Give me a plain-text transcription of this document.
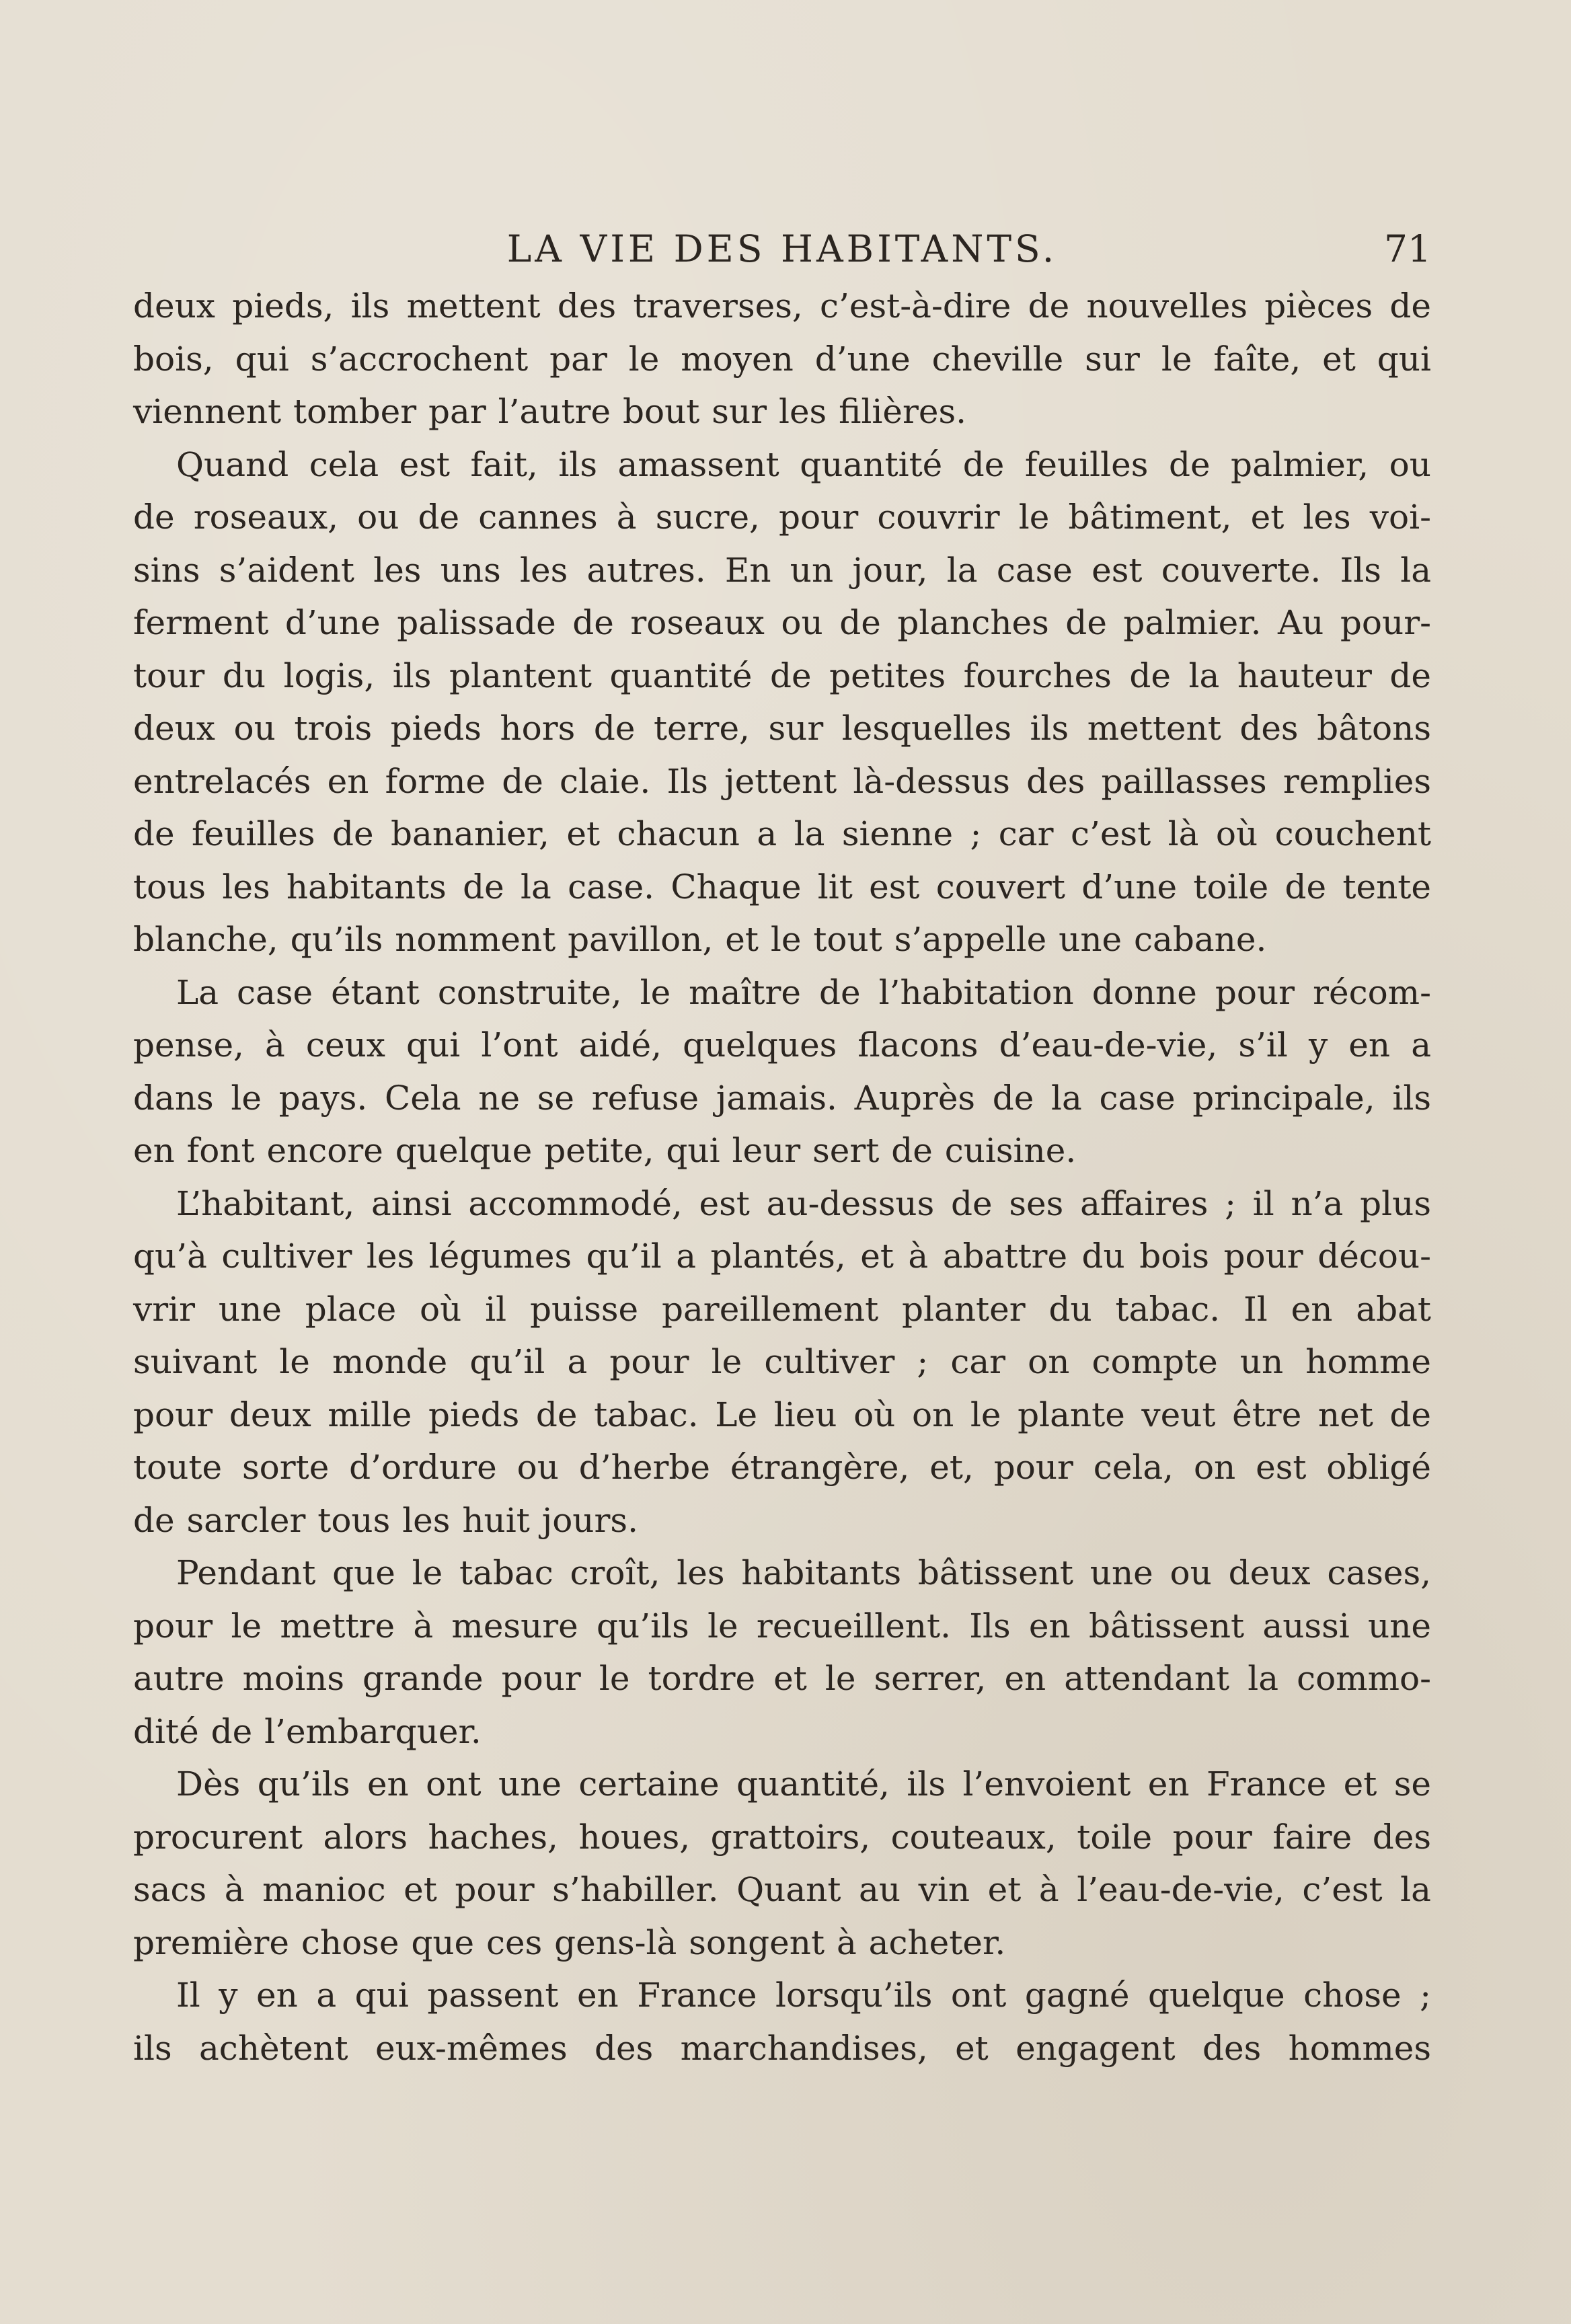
LA VIE DES HABITANTS.	71

deux pieds, ils mettent des traverses, c’est-à-dire de nouvelles pièces de

bois, qui s’accrochent par le moyen d’une cheville sur le faîte, et qui

viennent tomber par l’autre bout sur les filières.

Quand cela est fait, ils amassent quantité de feuilles de palmier, ou

de roseaux, ou de cannes à sucre, pour couvrir le bâtiment, et les voi-

sins s’aident les uns les autres. En un jour, la case est couverte. Ils la

ferment d’une palissade de roseaux ou de planches de palmier. Au pour-

tour du logis, ils plantent quantité de petites fourches de la hauteur de

deux ou trois pieds hors de terre, sur lesquelles ils mettent des bâtons

entrelacés en forme de claie. Ils jettent là-dessus des paillasses remplies

de feuilles de bananier, et chacun a la sienne ; car c’est là où couchent

tous les habitants de la case. Chaque lit est couvert d’une toile de tente

blanche, qu’ils nomment pavillon, et le tout s’appelle une cabane.

La case étant construite, le maître de l’habitation donne pour récom-

pense, à ceux qui l’ont aidé, quelques flacons d’eau-de-vie, s’il y en a

dans le pays. Cela ne se refuse jamais. Auprès de la case principale, ils

en font encore quelque petite, qui leur sert de cuisine.

L’habitant, ainsi accommodé, est au-dessus de ses affaires ; il n’a plus

qu’à cultiver les légumes qu’il a plantés, et à abattre du bois pour décou-

vrir une place où il puisse pareillement planter du tabac. Il en abat

suivant le monde qu’il a pour le cultiver ; car on compte un homme

pour deux mille pieds de tabac. Le lieu où on le plante veut être net de

toute sorte d’ordure ou d’herbe étrangère, et, pour cela, on est obligé

de sarcler tous les huit jours.

Pendant que le tabac croît, les habitants bâtissent une ou deux cases,

pour le mettre à mesure qu’ils le recueillent. Ils en bâtissent aussi une

autre moins grande pour le tordre et le serrer, en attendant la commo-

dité de l’embarquer.

Dès qu’ils en ont une certaine quantité, ils l’envoient en France et se

procurent alors haches, houes, grattoirs, couteaux, toile pour faire des

sacs à manioc et pour s’habiller. Quant au vin et à l’eau-de-vie, c’est la

première chose que ces gens-là songent à acheter.

Il y en a qui passent en France lorsqu’ils ont gagné quelque chose ;

ils achètent eux-mêmes des marchandises, et engagent des hommes
